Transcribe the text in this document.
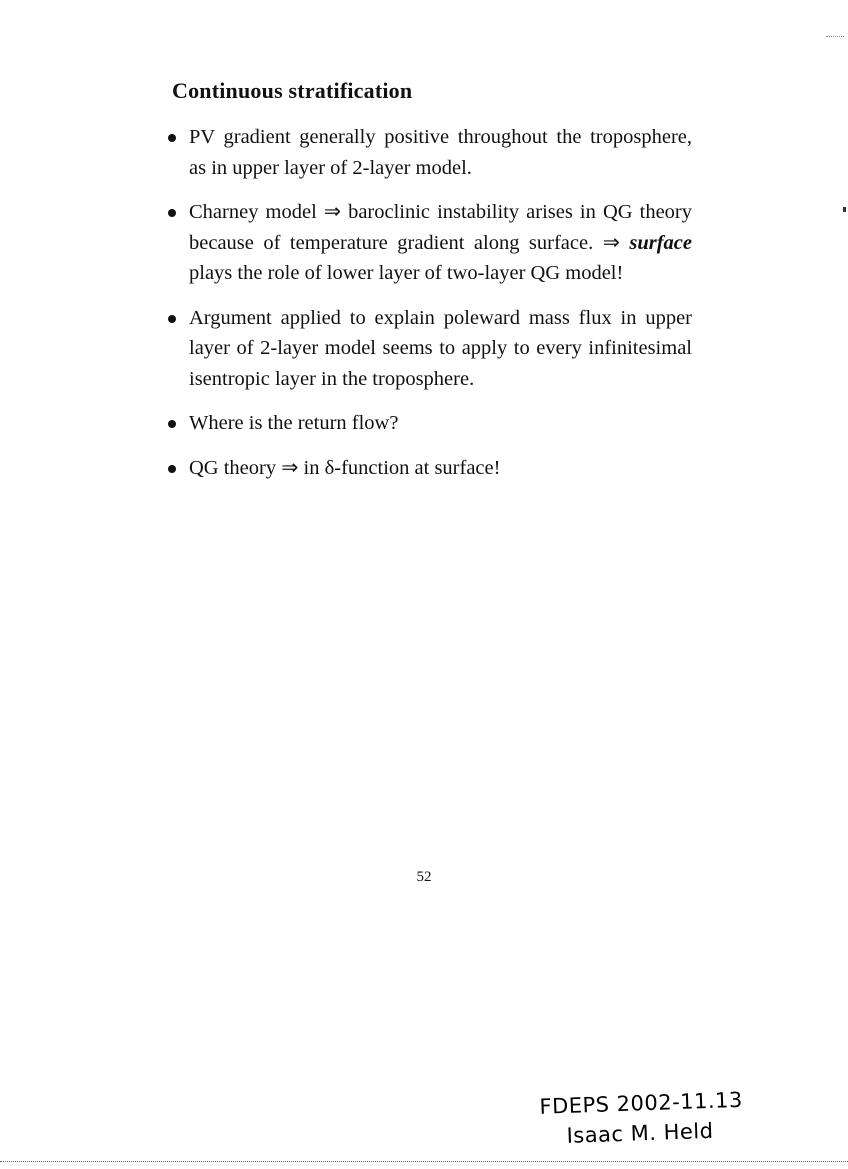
Continuous stratification
PV gradient generally positive throughout the troposphere, as in upper layer of 2-layer model.
Charney model ⇒ baroclinic instability arises in QG theory because of temperature gradient along surface. ⇒ surface plays the role of lower layer of two-layer QG model!
Argument applied to explain poleward mass flux in upper layer of 2-layer model seems to apply to every infinitesimal isentropic layer in the troposphere.
Where is the return flow?
QG theory ⇒ in δ-function at surface!
52
FDEPS 2002-11.13
Isaac M. Held
